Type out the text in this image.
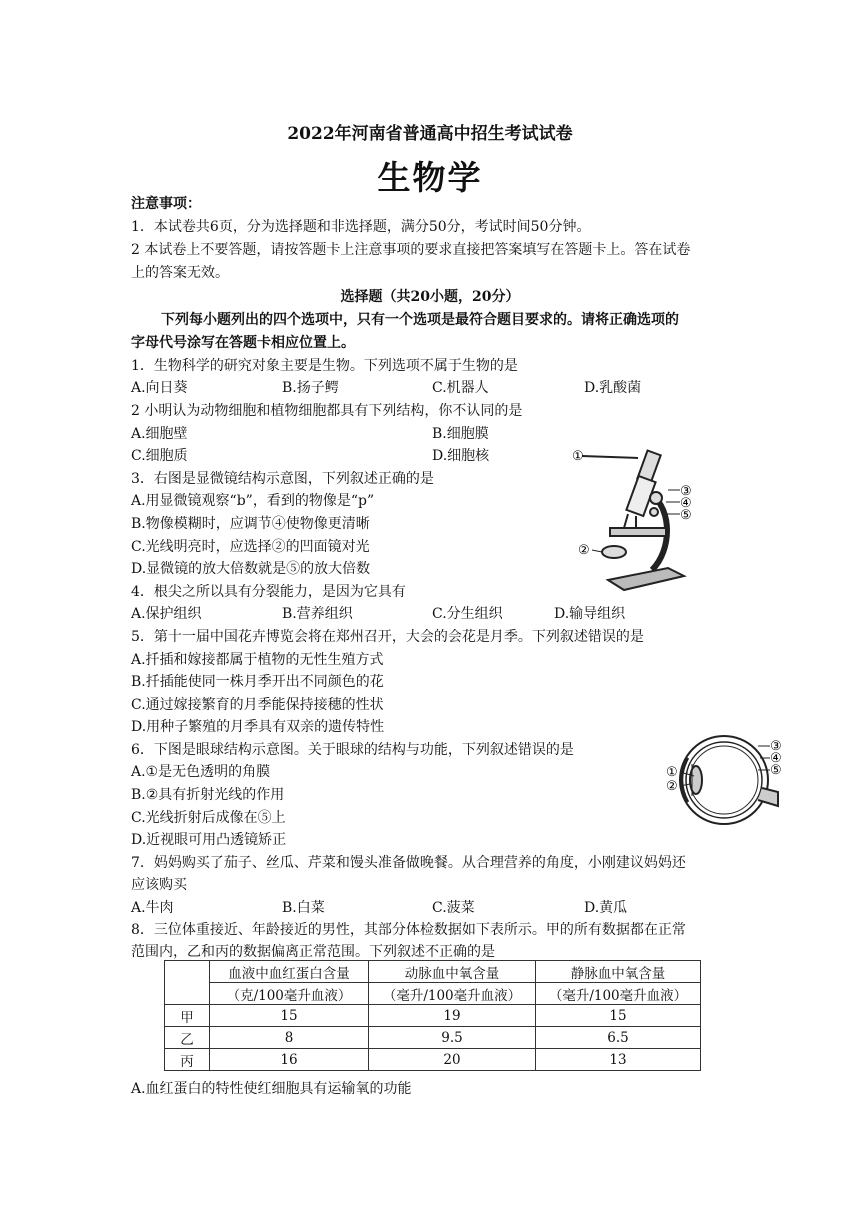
2022年河南省普通高中招生考试试卷
生物学
注意事项：
1．本试卷共6页，分为选择题和非选择题，满分50分，考试时间50分钟。
2 本试卷上不要答题，请按答题卡上注意事项的要求直接把答案填写在答题卡上。答在试卷
上的答案无效。
选择题（共20小题，20分）
下列每小题列出的四个选项中，只有一个选项是最符合题目要求的。请将正确选项的
字母代号涂写在答题卡相应位置上。
1．生物科学的研究对象主要是生物。下列选项不属于生物的是
A.向日葵	B.扬子鳄	C.机器人	D.乳酸菌
2 小明认为动物细胞和植物细胞都具有下列结构，你不认同的是
A.细胞壁	B.细胞膜
C.细胞质	D.细胞核
3．右图是显微镜结构示意图，下列叙述正确的是
A.用显微镜观察“b”，看到的物像是“p”
B.物像模糊时，应调节④使物像更清晰
C.光线明亮时，应选择②的凹面镜对光
D.显微镜的放大倍数就是⑤的放大倍数
①
③
④
⑤
②
4．根尖之所以具有分裂能力，是因为它具有
A.保护组织	B.营养组织	C.分生组织	D.输导组织
5．第十一届中国花卉博览会将在郑州召开，大会的会花是月季。下列叙述错误的是
A.扦插和嫁接都属于植物的无性生殖方式
B.扦插能使同一株月季开出不同颜色的花
C.通过嫁接繁育的月季能保持接穗的性状
D.用种子繁殖的月季具有双亲的遗传特性
6．下图是眼球结构示意图。关于眼球的结构与功能，下列叙述错误的是
A.①是无色透明的角膜
B.②具有折射光线的作用
C.光线折射后成像在⑤上
D.近视眼可用凸透镜矫正
③
④
⑤
①
②
7．妈妈购买了茄子、丝瓜、芹菜和馒头准备做晚餐。从合理营养的角度，小刚建议妈妈还
应该购买
A.牛肉	B.白菜	C.菠菜	D.黄瓜
8．三位体重接近、年龄接近的男性，其部分体检数据如下表所示。甲的所有数据都在正常
范围内，乙和丙的数据偏离正常范围。下列叙述不正确的是
	血液中血红蛋白含量	动脉血中氧含量	静脉血中氧含量
	（克/100毫升血液）	（毫升/100毫升血液）	（毫升/100毫升血液）
甲	15	19	15
乙	8	9.5	6.5
丙	16	20	13
A.血红蛋白的特性使红细胞具有运输氧的功能
